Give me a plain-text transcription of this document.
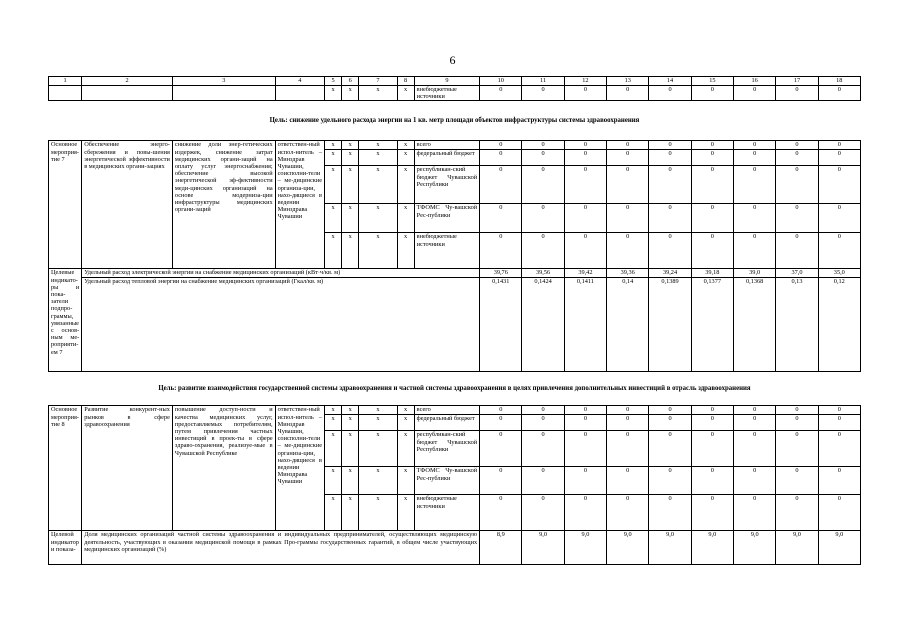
6
1	2	3	4	5	6	7	8	9	10	11	12	13	14	15	16	17	18
				x	x	x	x	внебюджетные источники	0	0	0	0	0	0	0	0	0
Цель: снижение удельного расхода энергии на 1 кв. метр площади объектов инфраструктуры системы здравоохранения																	
Основное мероприя-тие 7	Обеспечение энерго-сбережения и повы-шения энергетической эффективности в медицинских органи-зациях	снижение доли энер-гетических издержек, снижение затрат медицинских органи-заций на оплату услуг энергоснабжения; обеспечение высокой энергетической эф-фективности меди-цинских организаций на основе модерниза-ции инфраструктуры медицинских органи-заций	ответствен-ный испол-нитель – Минздрав Чувашии, соисполни-тели – ме-дицинские организа-ции, нахо-дящиеся в ведении Минздрава Чувашии	x	x	x	x	всего	0	0	0	0	0	0	0	0	0
				x	x	x	x	федеральный бюджет	0	0	0	0	0	0	0	0	0
				x	x	x	x	республикан-ский бюджет Чувашской Республики	0	0	0	0	0	0	0	0	0
				x	x	x	x	ТФОМС Чу-вашской Рес-публики	0	0	0	0	0	0	0	0	0
				x	x	x	x	внебюджетные источники	0	0	0	0	0	0	0	0	0
Целевые индикато-ры и пока-затели подпро-граммы, увязанные с основ-ным ме-роприяти-ем 7	Удельный расход электрической энергии на снабжение медицинских организаций (кВт·ч/кв. м)								39,76	39,56	39,42	39,36	39,24	39,18	39,0	37,0	35,0
	Удельный расход тепловой энергии на снабжение медицинских организаций (Гкал/кв. м)								0,1431	0,1424	0,1411	0,14	0,1389	0,1377	0,1368	0,13	0,12
Цель: развитие взаимодействия государственной системы здравоохранения и частной системы здравоохранения в целях привлечения дополнительных инвестиций в отрасль здравоохранения																	
Основное мероприя-тие 8	Развитие конкурент-ных рынков в сфере здравоохранения	повышение доступ-ности и качества медицинских услуг, предоставляемых потребителям, путем привлечения частных инвестиций в проек-ты в сфере здраво-охранения, реализуе-мые в Чувашской Республике	ответствен-ный испол-нитель – Минздрав Чувашии, соисполни-тели – ме-дицинские организа-ции, нахо-дящиеся в ведении Минздрава Чувашии	x	x	x	x	всего	0	0	0	0	0	0	0	0	0
				x	x	x	x	федеральный бюджет	0	0	0	0	0	0	0	0	0
				x	x	x	x	республикан-ский бюджет Чувашской Республики	0	0	0	0	0	0	0	0	0
				x	x	x	x	ТФОМС Чу-вашской Рес-публики	0	0	0	0	0	0	0	0	0
				x	x	x	x	внебюджетные источники	0	0	0	0	0	0	0	0	0
Целевой индикатор и показа-	Доля медицинских организаций частной системы здравоохранения и индивидуальных предпринимателей, осуществляющих медицинскую деятельность, участвующих в оказании медицинской помощи в рамках Про-граммы государственных гарантий, в общем числе участвующих медицинских организаций (%)								8,9	9,0	9,0	9,0	9,0	9,0	9,0	9,0	9,0
